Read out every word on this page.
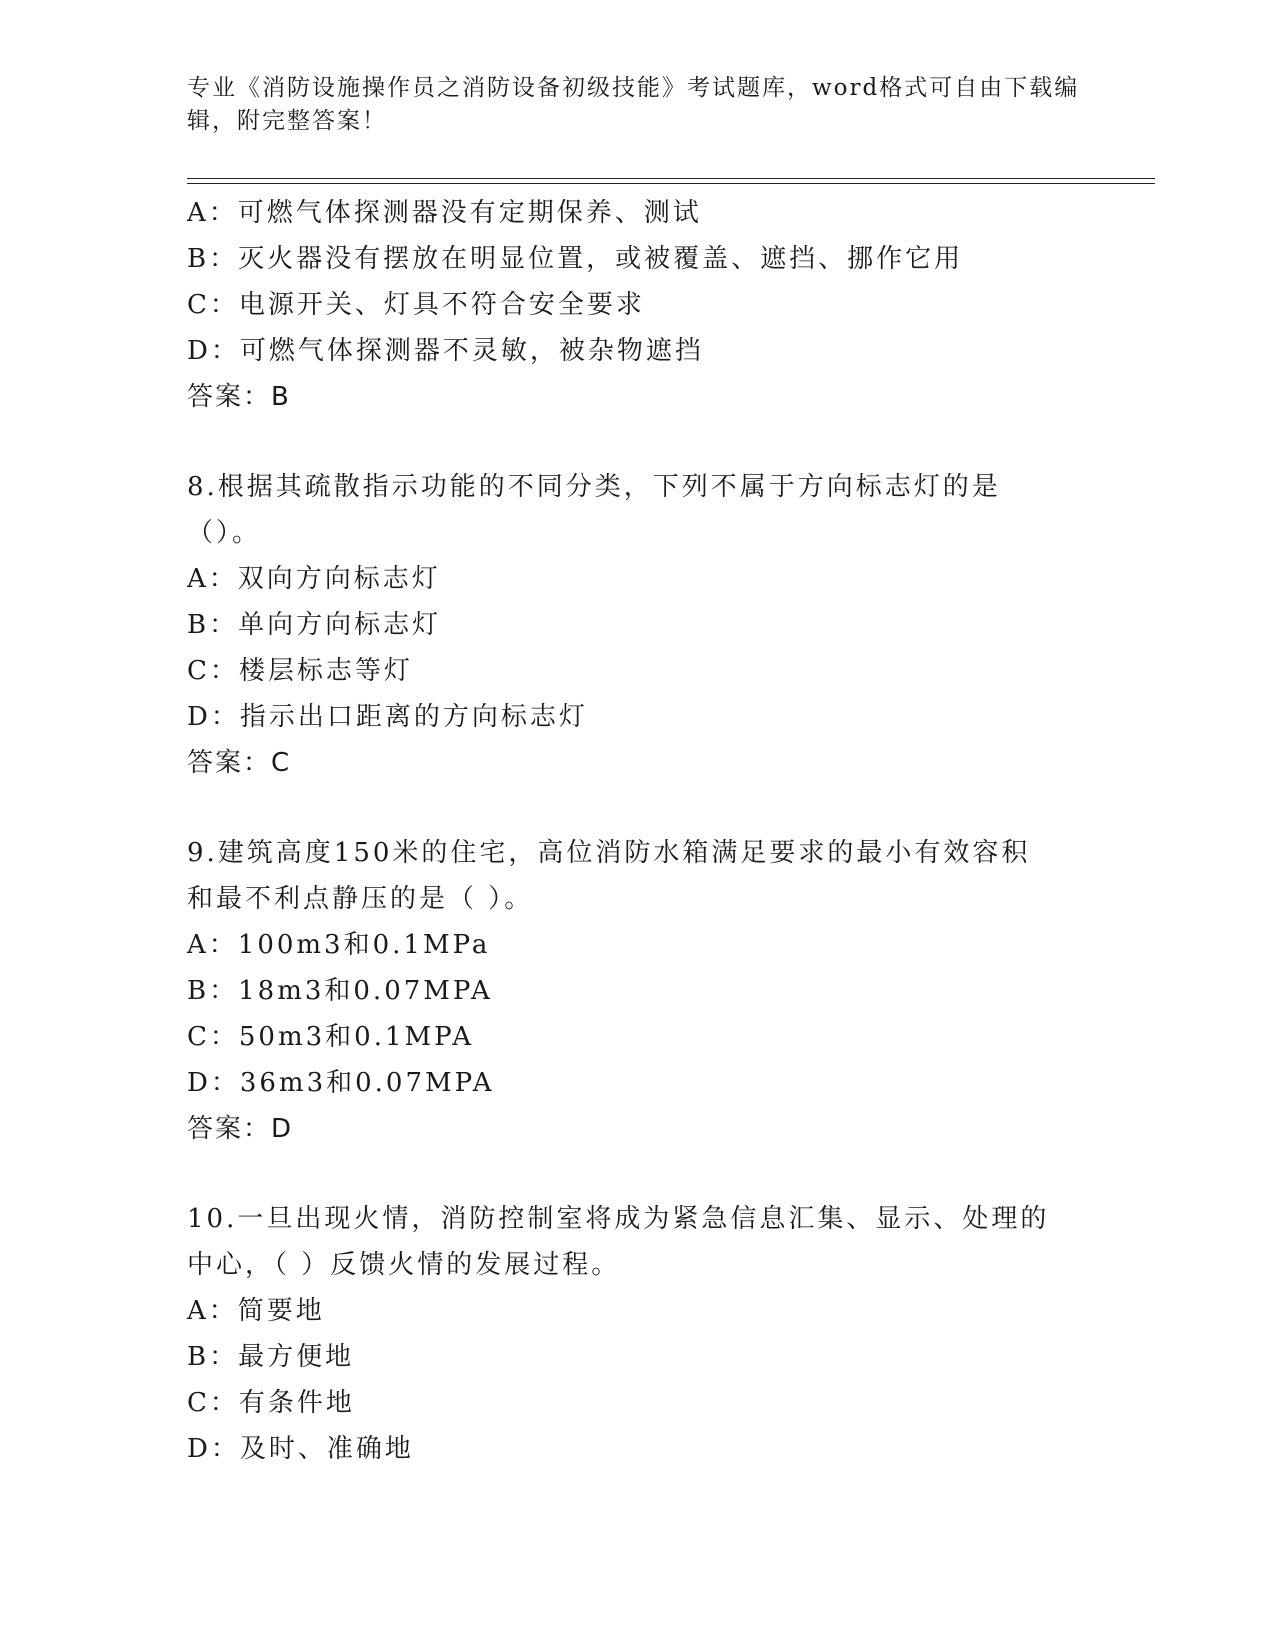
专业《消防设施操作员之消防设备初级技能》考试题库，word格式可自由下载编辑，附完整答案！
A：可燃气体探测器没有定期保养、测试
B：灭火器没有摆放在明显位置，或被覆盖、遮挡、挪作它用
C：电源开关、灯具不符合安全要求
D：可燃气体探测器不灵敏，被杂物遮挡
答案：B
8.根据其疏散指示功能的不同分类，下列不属于方向标志灯的是（）。
A：双向方向标志灯
B：单向方向标志灯
C：楼层标志等灯
D：指示出口距离的方向标志灯
答案：C
9.建筑高度150米的住宅，高位消防水箱满足要求的最小有效容积和最不利点静压的是（ ）。
A：100m3和0.1MPa
B：18m3和0.07MPA
C：50m3和0.1MPA
D：36m3和0.07MPA
答案：D
10.一旦出现火情，消防控制室将成为紧急信息汇集、显示、处理的中心，（ ）反馈火情的发展过程。
A：简要地
B：最方便地
C：有条件地
D：及时、准确地
